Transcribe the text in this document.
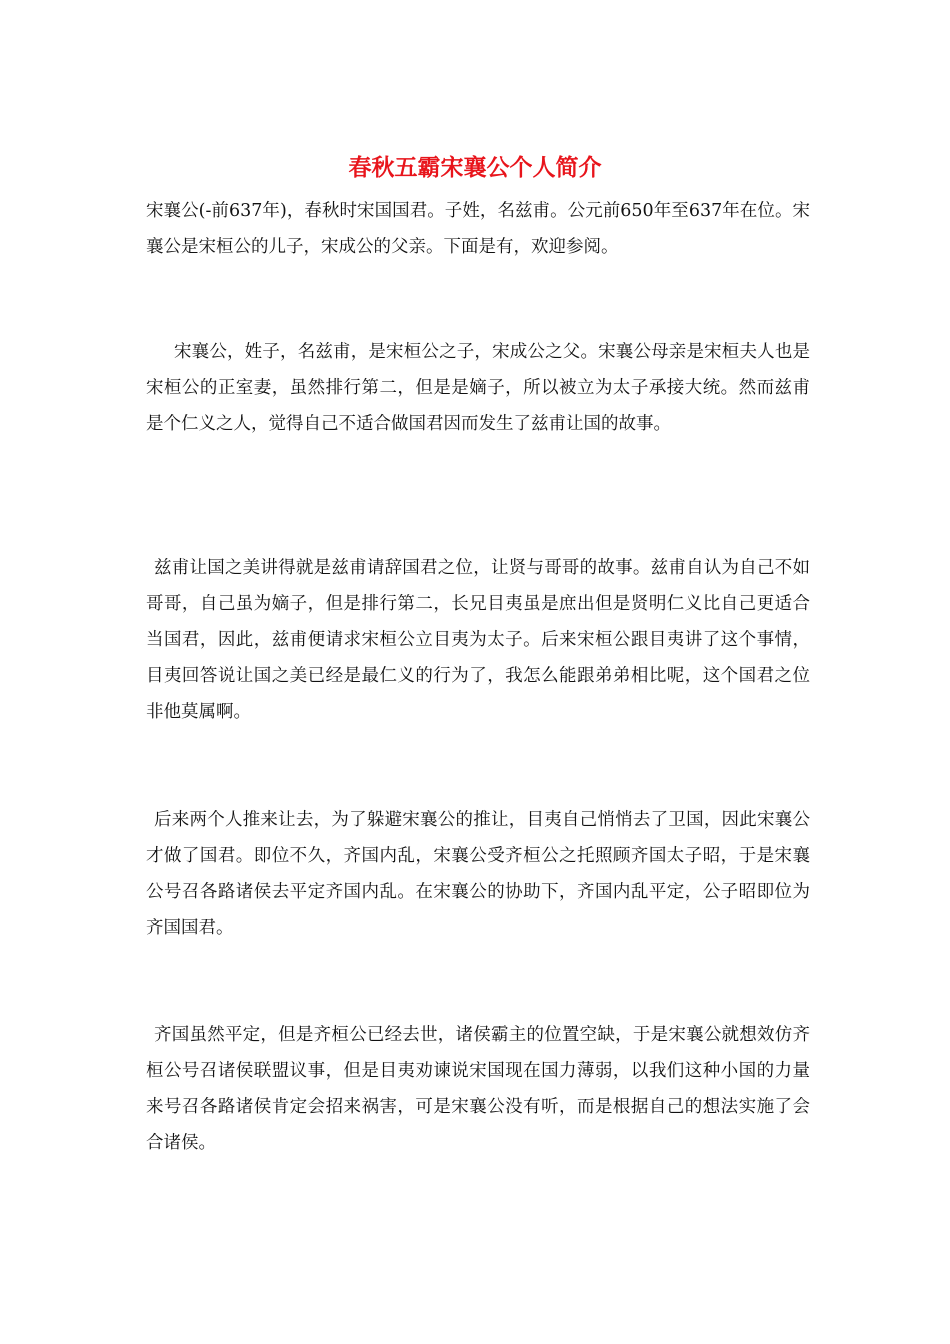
春秋五霸宋襄公个人简介

宋襄公(-前637年)，春秋时宋国国君。子姓，名兹甫。公元前650年至637年在位。宋襄公是宋桓公的儿子，宋成公的父亲。下面是有，欢迎参阅。

宋襄公，姓子，名兹甫，是宋桓公之子，宋成公之父。宋襄公母亲是宋桓夫人也是宋桓公的正室妻，虽然排行第二，但是是嫡子，所以被立为太子承接大统。然而兹甫是个仁义之人，觉得自己不适合做国君因而发生了兹甫让国的故事。

兹甫让国之美讲得就是兹甫请辞国君之位，让贤与哥哥的故事。兹甫自认为自己不如哥哥，自己虽为嫡子，但是排行第二，长兄目夷虽是庶出但是贤明仁义比自己更适合当国君，因此，兹甫便请求宋桓公立目夷为太子。后来宋桓公跟目夷讲了这个事情，目夷回答说让国之美已经是最仁义的行为了，我怎么能跟弟弟相比呢，这个国君之位非他莫属啊。

后来两个人推来让去，为了躲避宋襄公的推让，目夷自己悄悄去了卫国，因此宋襄公才做了国君。即位不久，齐国内乱，宋襄公受齐桓公之托照顾齐国太子昭，于是宋襄公号召各路诸侯去平定齐国内乱。在宋襄公的协助下，齐国内乱平定，公子昭即位为齐国国君。

齐国虽然平定，但是齐桓公已经去世，诸侯霸主的位置空缺，于是宋襄公就想效仿齐桓公号召诸侯联盟议事，但是目夷劝谏说宋国现在国力薄弱，以我们这种小国的力量来号召各路诸侯肯定会招来祸害，可是宋襄公没有听，而是根据自己的想法实施了会合诸侯。
